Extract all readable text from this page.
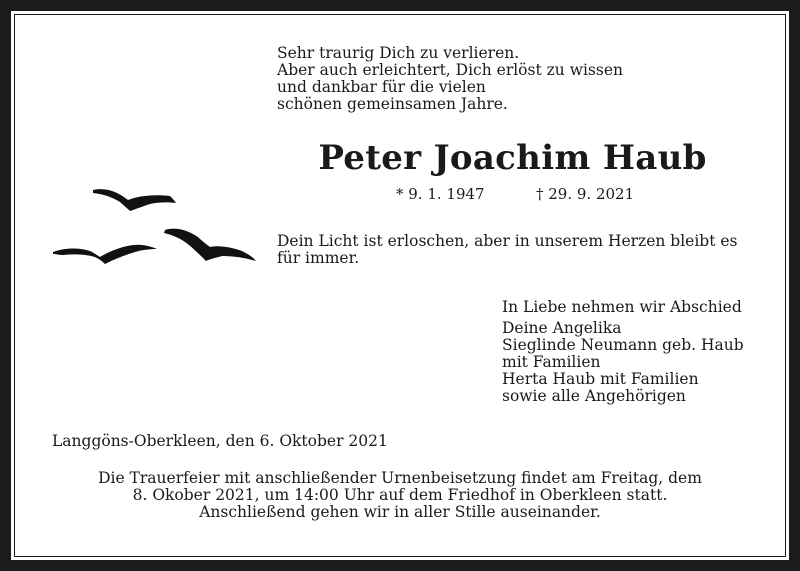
Sehr traurig Dich zu verlieren.
Aber auch erleichtert, Dich erlöst zu wissen
und dankbar für die vielen
schönen gemeinsamen Jahre.

Peter Joachim Haub
* 9. 1. 1947	† 29. 9. 2021

Dein Licht ist erloschen, aber in unserem Herzen bleibt es
für immer.

In Liebe nehmen wir Abschied
Deine Angelika
Sieglinde Neumann geb. Haub
mit Familien
Herta Haub mit Familien
sowie alle Angehörigen

Langgöns-Oberkleen, den 6. Oktober 2021

Die Trauerfeier mit anschließender Urnenbeisetzung findet am Freitag, dem
8. Okober 2021, um 14:00 Uhr auf dem Friedhof in Oberkleen statt.
Anschließend gehen wir in aller Stille auseinander.
